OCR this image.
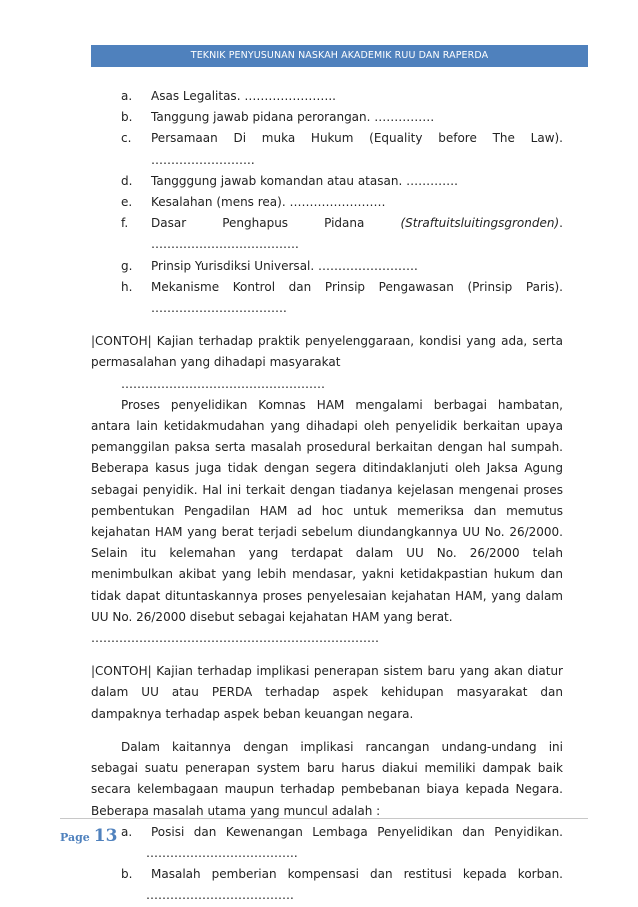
TEKNIK PENYUSUNAN NASKAH AKADEMIK RUU DAN RAPERDA
a.	Asas Legalitas. …………………..
b.	Tanggung jawab pidana perorangan. ……………
c.	Persamaan Di muka Hukum (Equality before The Law).
……………………..
d.	Tangggung jawab komandan atau atasan. ………….
e.	Kesalahan (mens rea). ……………………
f.	Dasar Penghapus Pidana	(Straftuitsluitingsgronden).
……………………………….
g.	Prinsip Yurisdiksi Universal. …………………….
h.	Mekanisme Kontrol dan Prinsip Pengawasan (Prinsip Paris).
…………………………….
|CONTOH| Kajian terhadap praktik penyelenggaraan, kondisi yang ada, serta permasalahan yang dihadapi masyarakat
……………………………………………
Proses penyelidikan Komnas HAM mengalami berbagai hambatan, antara lain ketidakmudahan yang dihadapi oleh penyelidik berkaitan upaya pemanggilan paksa serta masalah prosedural berkaitan dengan hal sumpah. Beberapa kasus juga tidak dengan segera ditindaklanjuti oleh Jaksa Agung sebagai penyidik. Hal ini terkait dengan tiadanya kejelasan mengenai proses pembentukan Pengadilan HAM ad hoc untuk memeriksa dan memutus kejahatan HAM yang berat terjadi sebelum diundangkannya UU No. 26/2000. Selain itu kelemahan yang terdapat dalam UU No. 26/2000 telah menimbulkan akibat yang lebih mendasar, yakni ketidakpastian hukum dan tidak dapat dituntaskannya proses penyelesaian kejahatan HAM, yang dalam UU No. 26/2000 disebut sebagai kejahatan HAM yang berat.
………………………………………………………………
|CONTOH| Kajian terhadap implikasi penerapan sistem baru yang akan diatur dalam UU atau PERDA terhadap aspek kehidupan masyarakat dan dampaknya terhadap aspek beban keuangan negara.
Dalam kaitannya dengan implikasi rancangan undang-undang ini sebagai suatu penerapan system baru harus diakui memiliki dampak baik secara kelembagaan maupun terhadap pembebanan biaya kepada Negara. Beberapa masalah utama yang muncul adalah :
a.	Posisi dan Kewenangan Lembaga Penyelidikan dan Penyidikan.
………………………………..
b.	Masalah pemberian kompensasi dan restitusi kepada korban.
……………………………….
Page 13
